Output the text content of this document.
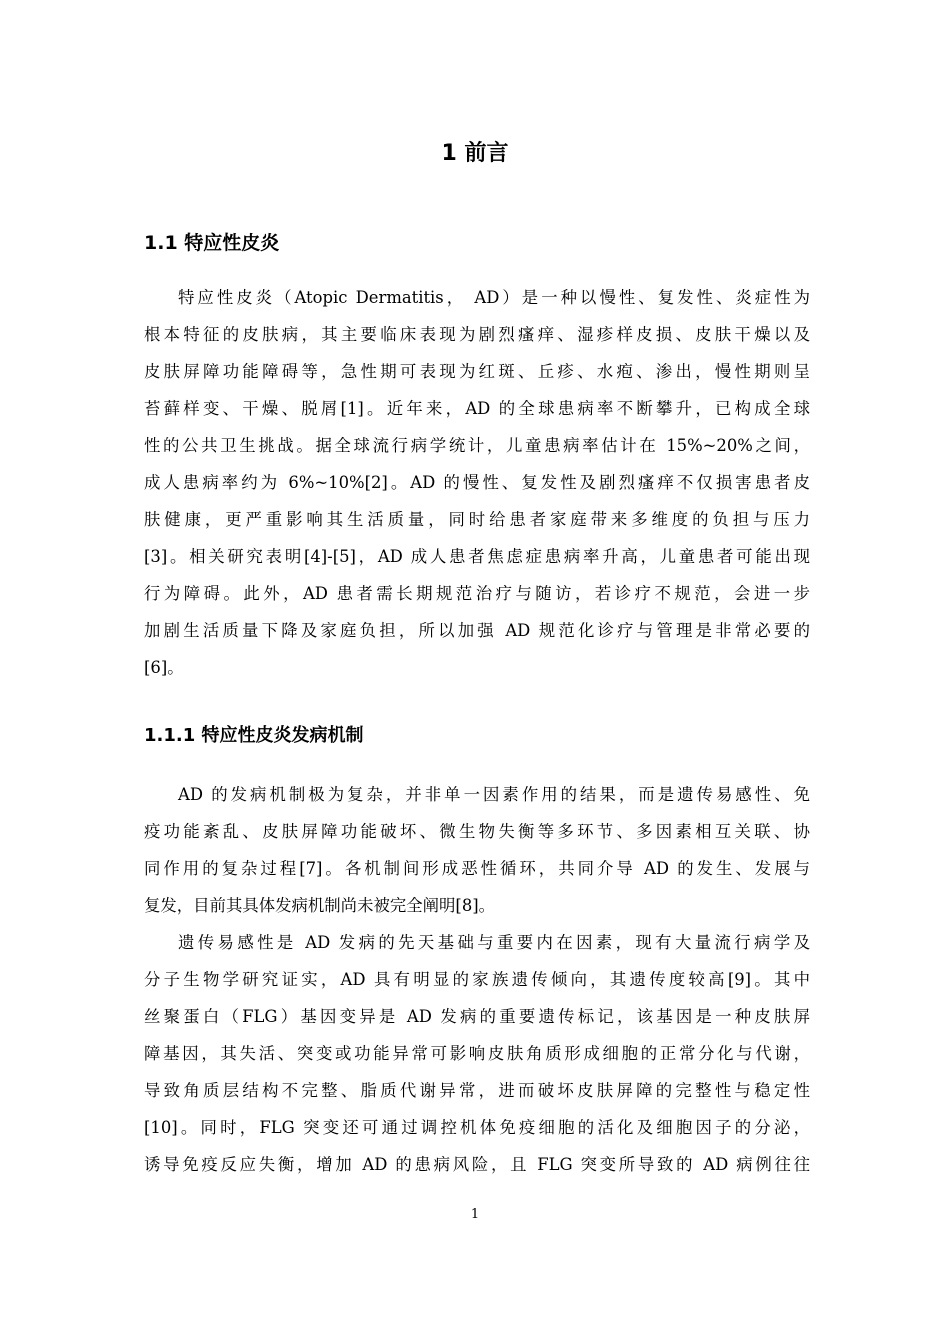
1 前言
1.1 特应性皮炎
特应性皮炎（Atopic Dermatitis， AD）是一种以慢性、复发性、炎症性为
根本特征的皮肤病，其主要临床表现为剧烈瘙痒、湿疹样皮损、皮肤干燥以及
皮肤屏障功能障碍等，急性期可表现为红斑、丘疹、水疱、渗出，慢性期则呈
苔藓样变、干燥、脱屑[1]。近年来，AD 的全球患病率不断攀升，已构成全球
性的公共卫生挑战。据全球流行病学统计，儿童患病率估计在 15%~20%之间，
成人患病率约为 6%~10%[2]。AD 的慢性、复发性及剧烈瘙痒不仅损害患者皮
肤健康，更严重影响其生活质量，同时给患者家庭带来多维度的负担与压力
[3]。相关研究表明[4]-[5]，AD 成人患者焦虑症患病率升高，儿童患者可能出现
行为障碍。此外，AD 患者需长期规范治疗与随访，若诊疗不规范，会进一步
加剧生活质量下降及家庭负担，所以加强 AD 规范化诊疗与管理是非常必要的
[6]。
1.1.1 特应性皮炎发病机制
AD 的发病机制极为复杂，并非单一因素作用的结果，而是遗传易感性、免
疫功能紊乱、皮肤屏障功能破坏、微生物失衡等多环节、多因素相互关联、协
同作用的复杂过程[7]。各机制间形成恶性循环，共同介导 AD 的发生、发展与
复发，目前其具体发病机制尚未被完全阐明[8]。
遗传易感性是 AD 发病的先天基础与重要内在因素，现有大量流行病学及
分子生物学研究证实，AD 具有明显的家族遗传倾向，其遗传度较高[9]。其中
丝聚蛋白（FLG）基因变异是 AD 发病的重要遗传标记，该基因是一种皮肤屏
障基因，其失活、突变或功能异常可影响皮肤角质形成细胞的正常分化与代谢，
导致角质层结构不完整、脂质代谢异常，进而破坏皮肤屏障的完整性与稳定性
[10]。同时，FLG 突变还可通过调控机体免疫细胞的活化及细胞因子的分泌，
诱导免疫反应失衡，增加 AD 的患病风险，且 FLG 突变所导致的 AD 病例往往
1
